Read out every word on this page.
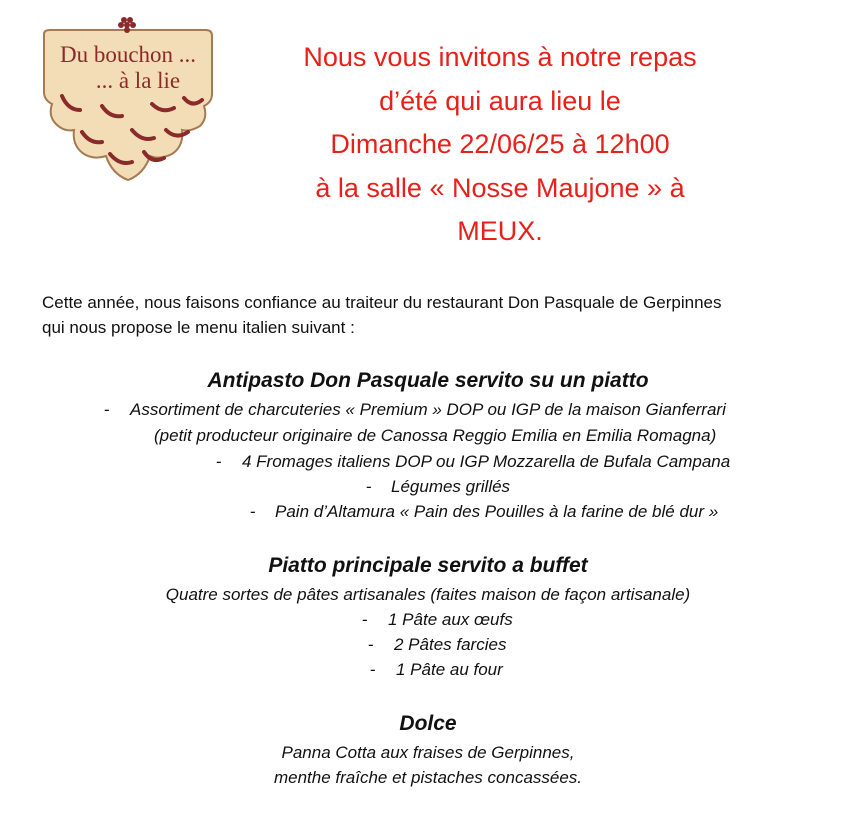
Du bouchon ...
... à la lie
Nous vous invitons à notre repas
d’été qui aura lieu le
Dimanche 22/06/25 à 12h00
à la salle « Nosse Maujone » à
MEUX.
Cette année, nous faisons confiance au traiteur du restaurant Don Pasquale de Gerpinnes
qui nous propose le menu italien suivant :
Antipasto Don Pasquale servito su un piatto
- Assortiment de charcuteries « Premium » DOP ou IGP de la maison Gianferrari
(petit producteur originaire de Canossa Reggio Emilia en Emilia Romagna)
- 4 Fromages italiens DOP ou IGP Mozzarella de Bufala Campana
- Légumes grillés
- Pain d’Altamura « Pain des Pouilles à la farine de blé dur »
Piatto principale servito a buffet
Quatre sortes de pâtes artisanales (faites maison de façon artisanale)
- 1 Pâte aux œufs
- 2 Pâtes farcies
- 1 Pâte au four
Dolce
Panna Cotta aux fraises de Gerpinnes,
menthe fraîche et pistaches concassées.
